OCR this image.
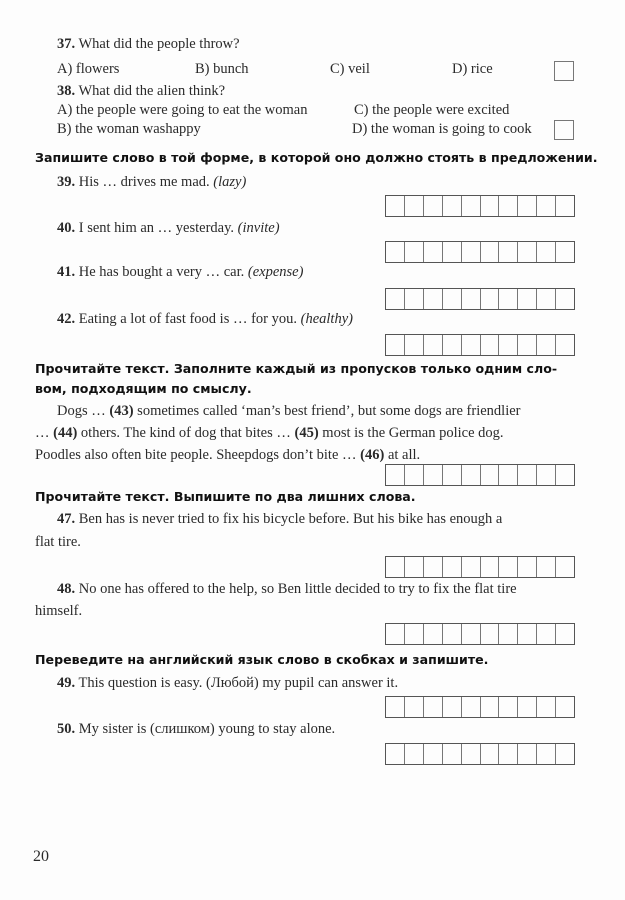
37. What did the people throw?
A) flowers	B) bunch	C) veil	D) rice
38. What did the alien think?
A) the people were going to eat the woman	C) the people were excited
B) the woman washappy	D) the woman is going to cook
Запишите слово в той форме, в которой оно должно стоять в предложении.
39. His … drives me mad. (lazy)
40. I sent him an … yesterday. (invite)
41. He has bought a very … car. (expense)
42. Eating a lot of fast food is … for you. (healthy)
Прочитайте текст. Заполните каждый из пропусков только одним сло-
вом, подходящим по смыслу.
Dogs … (43) sometimes called ‘man’s best friend’, but some dogs are friendlier
… (44) others. The kind of dog that bites … (45) most is the German police dog.
Poodles also often bite people. Sheepdogs don’t bite … (46) at all.
Прочитайте текст. Выпишите по два лишних слова.
47. Ben has is never tried to fix his bicycle before. But his bike has enough a
flat tire.
48. No one has offered to the help, so Ben little decided to try to fix the flat tire
himself.
Переведите на английский язык слово в скобках и запишите.
49. This question is easy. (Любой) my pupil can answer it.
50. My sister is (слишком) young to stay alone.
20
